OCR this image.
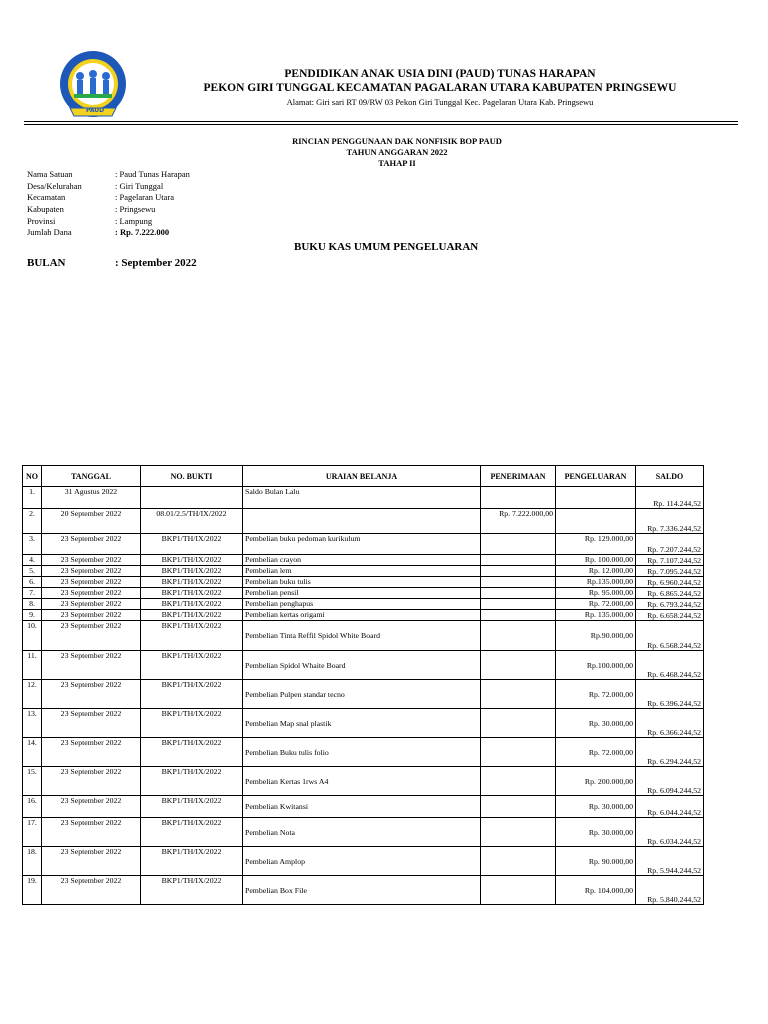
PAUD
PENDIDIKAN ANAK USIA DINI (PAUD) TUNAS HARAPAN
PEKON GIRI TUNGGAL KECAMATAN PAGALARAN UTARA KABUPATEN PRINGSEWU
Alamat: Giri sari RT 09/RW 03 Pekon Giri Tunggal Kec. Pagelaran Utara Kab. Pringsewu
RINCIAN PENGGUNAAN DAK NONFISIK BOP PAUD
TAHUN ANGGARAN 2022
TAHAP II
Nama Satuan	: Paud Tunas Harapan
Desa/Kelurahan	: Giri Tunggal
Kecamatan	: Pagelaran Utara
Kabupaten	: Pringsewu
Provinsi	: Lampung
Jumlah Dana	: Rp. 7.222.000
BUKU KAS UMUM PENGELUARAN
BULAN	: September 2022
NO	TANGGAL	NO. BUKTI	URAIAN BELANJA	PENERIMAAN	PENGELUARAN	SALDO
1.	31 Agustus 2022		Saldo Bulan Lalu			Rp. 114.244,52
2.	20 September 2022	08.01/2.5/TH/IX/2022		Rp. 7.222.000,00		Rp. 7.336.244,52
3.	23 September 2022	BKP1/TH/IX/2022	Pembelian buku pedoman kurikulum		Rp. 129.000,00	Rp. 7.207.244,52
4.	23 September 2022	BKP1/TH/IX/2022	Pembelian crayon		Rp. 100.000,00	Rp. 7.107.244,52
5.	23 September 2022	BKP1/TH/IX/2022	Pembelian lem		Rp. 12.000,00	Rp. 7.095.244,52
6.	23 September 2022	BKP1/TH/IX/2022	Pembelian buku tulis		Rp.135.000,00	Rp. 6.960.244,52
7.	23 September 2022	BKP1/TH/IX/2022	Pembelian pensil		Rp. 95.000,00	Rp. 6.865.244,52
8.	23 September 2022	BKP1/TH/IX/2022	Pembelian penghapus		Rp. 72.000,00	Rp. 6.793.244,52
9.	23 September 2022	BKP1/TH/IX/2022	Pembelian kertas origami		Rp. 135.000,00	Rp. 6.658.244,52
10.	23 September 2022	BKP1/TH/IX/2022	Pembelian Tinta Reffil Spidol White Board		Rp.90.000,00	Rp. 6.568.244,52
11.	23 September 2022	BKP1/TH/IX/2022	Pembelian Spidol Whaite Board		Rp.100.000,00	Rp. 6.468.244,52
12.	23 September 2022	BKP1/TH/IX/2022	Pembelian Pulpen standar tecno		Rp. 72.000,00	Rp. 6.396.244,52
13.	23 September 2022	BKP1/TH/IX/2022	Pembelian Map snal plastik		Rp. 30.000,00	Rp. 6.366.244,52
14.	23 September 2022	BKP1/TH/IX/2022	Pembelian Buku tulis folio		Rp. 72.000,00	Rp. 6.294.244,52
15.	23 September 2022	BKP1/TH/IX/2022	Pembelian Kertas 1rws A4		Rp. 200.000,00	Rp. 6.094.244,52
16.	23 September 2022	BKP1/TH/IX/2022	Pembelian Kwitansi		Rp. 30.000,00	Rp. 6.044.244,52
17.	23 September 2022	BKP1/TH/IX/2022	Pembelian Nota		Rp. 30.000,00	Rp. 6.034.244,52
18.	23 September 2022	BKP1/TH/IX/2022	Pembelian Amplop		Rp. 90.000,00	Rp. 5.944.244,52
19.	23 September 2022	BKP1/TH/IX/2022	Pembelian Box File		Rp. 104.000,00	Rp. 5.840.244,52
